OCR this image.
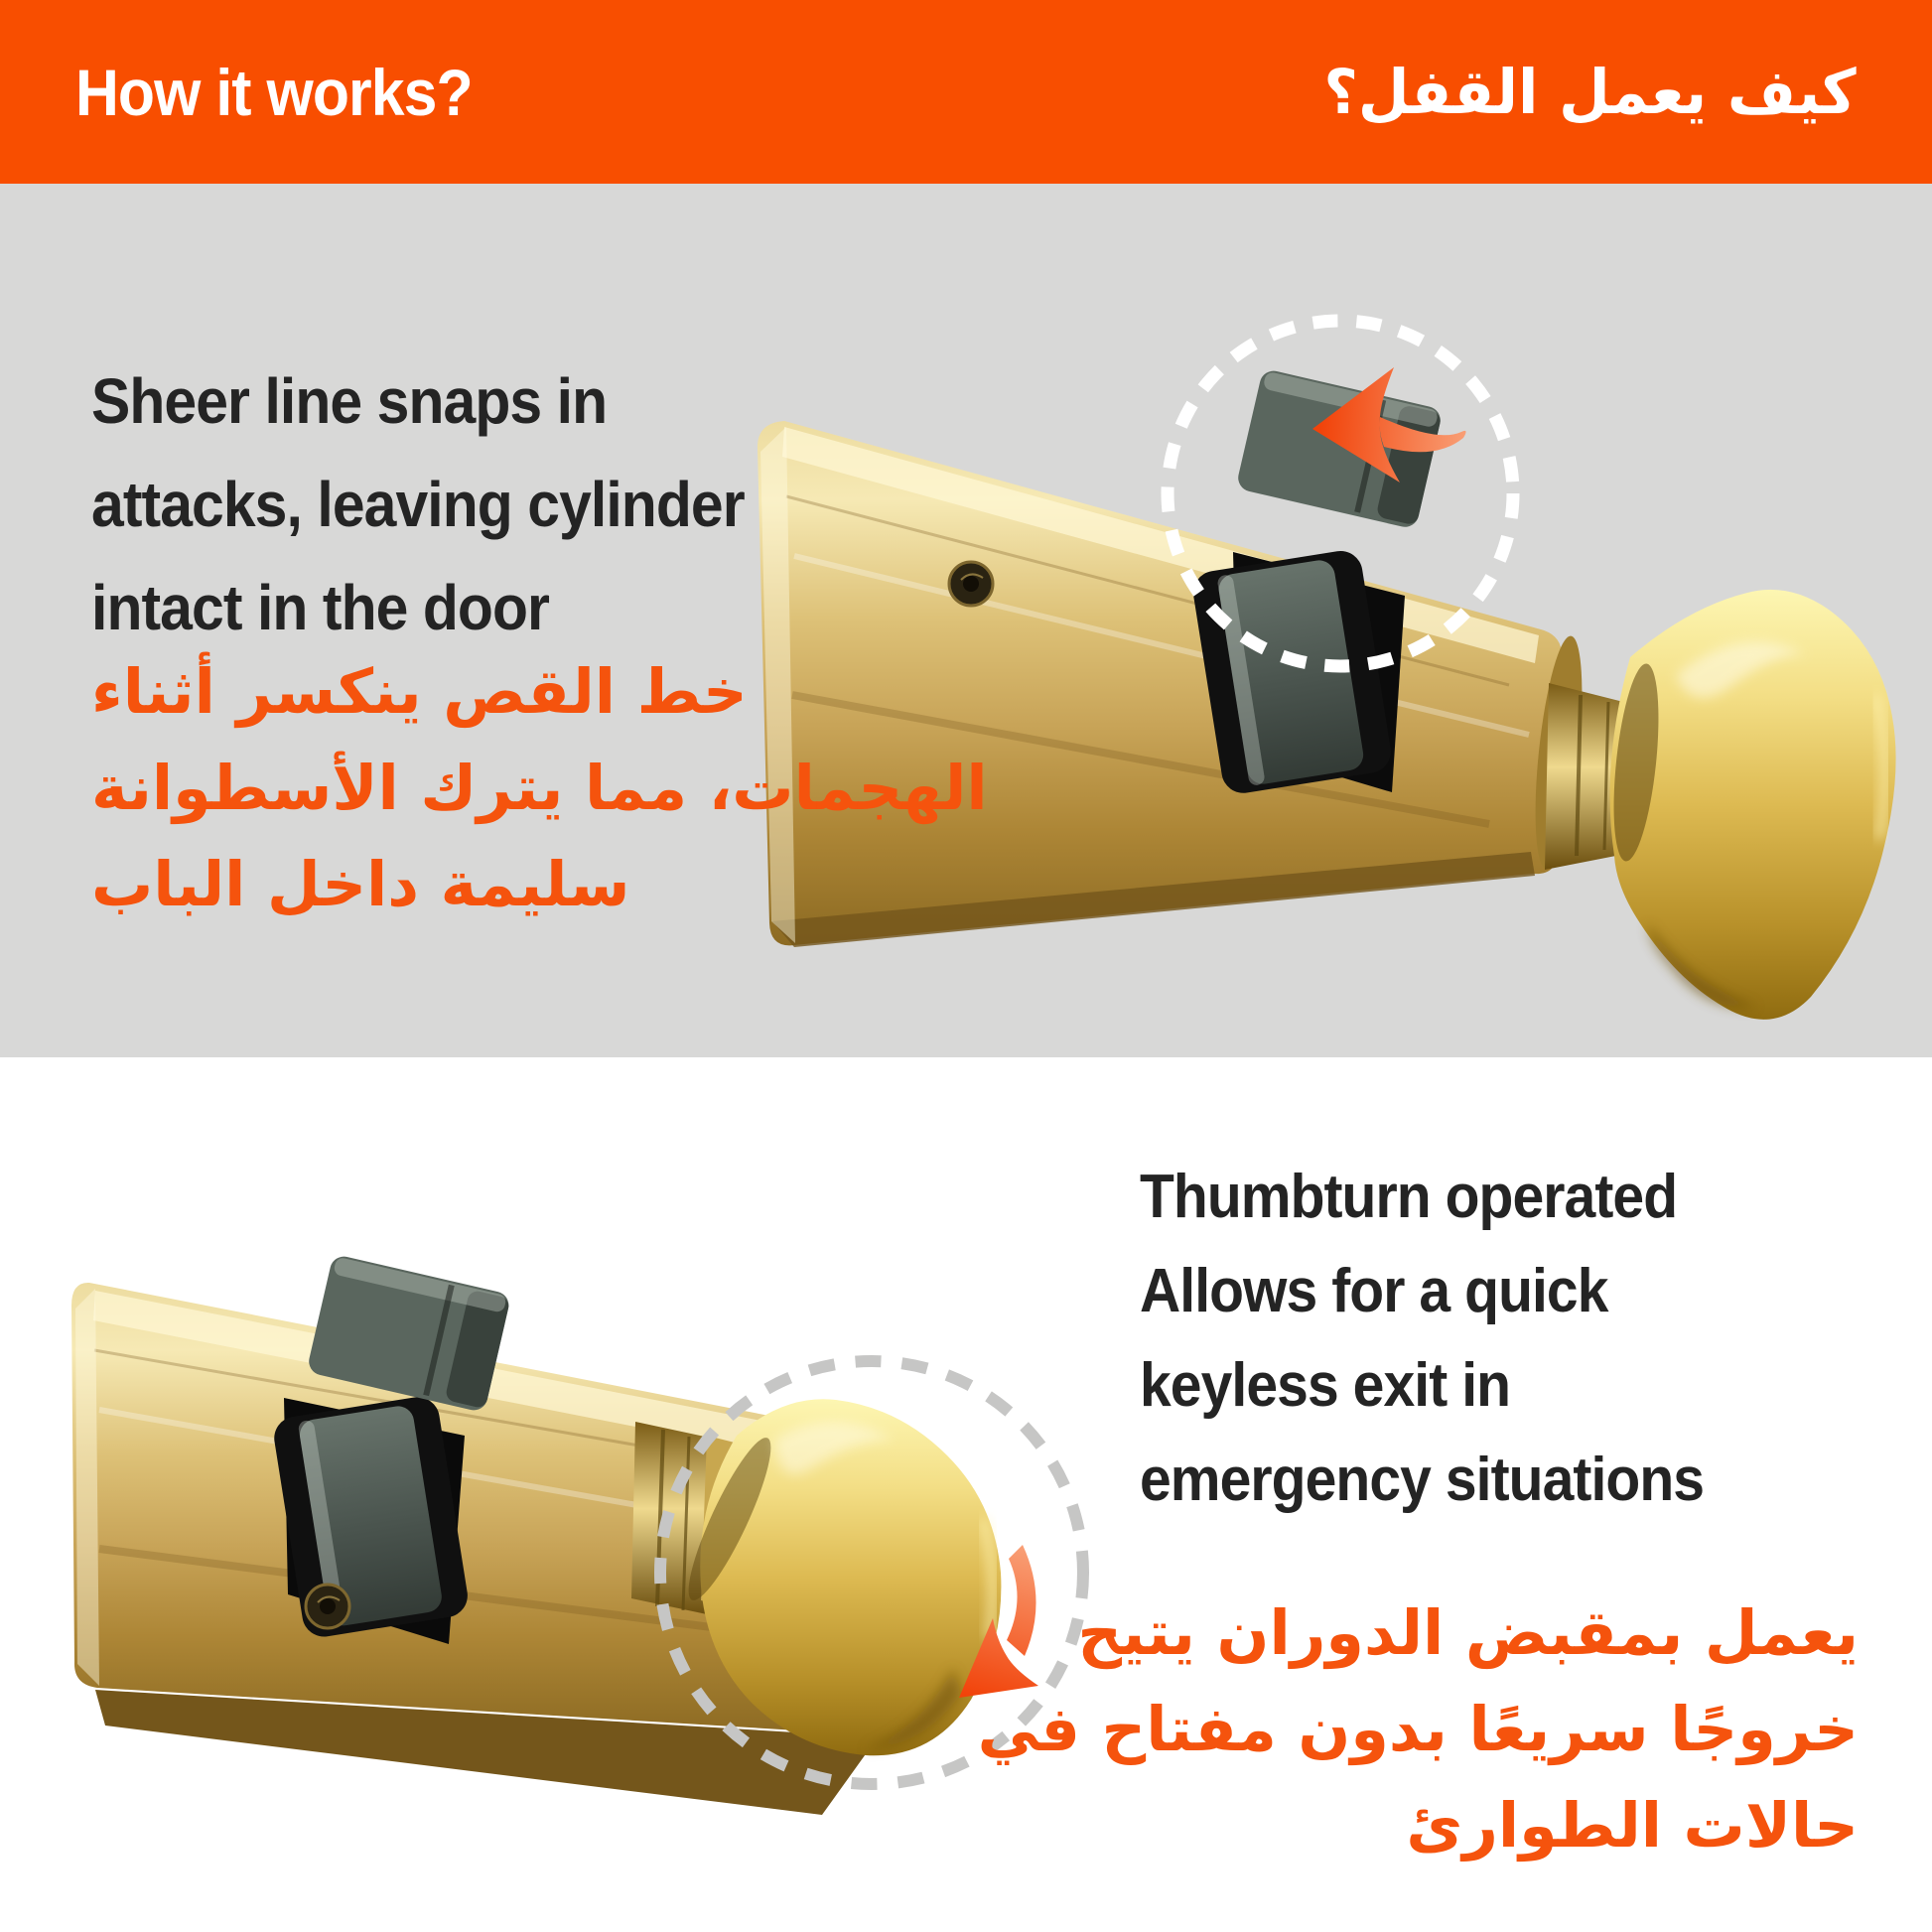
How it works?	كيف يعمل القفل؟
Sheer line snaps in
attacks, leaving cylinder
intact in the door
خط القص ينكسر أثناء
الهجمات، مما يترك الأسطوانة
سليمة داخل الباب
Thumbturn operated
Allows for a quick
keyless exit in
emergency situations
يعمل بمقبض الدوران يتيح
خروجًا سريعًا بدون مفتاح في
حالات الطوارئ
